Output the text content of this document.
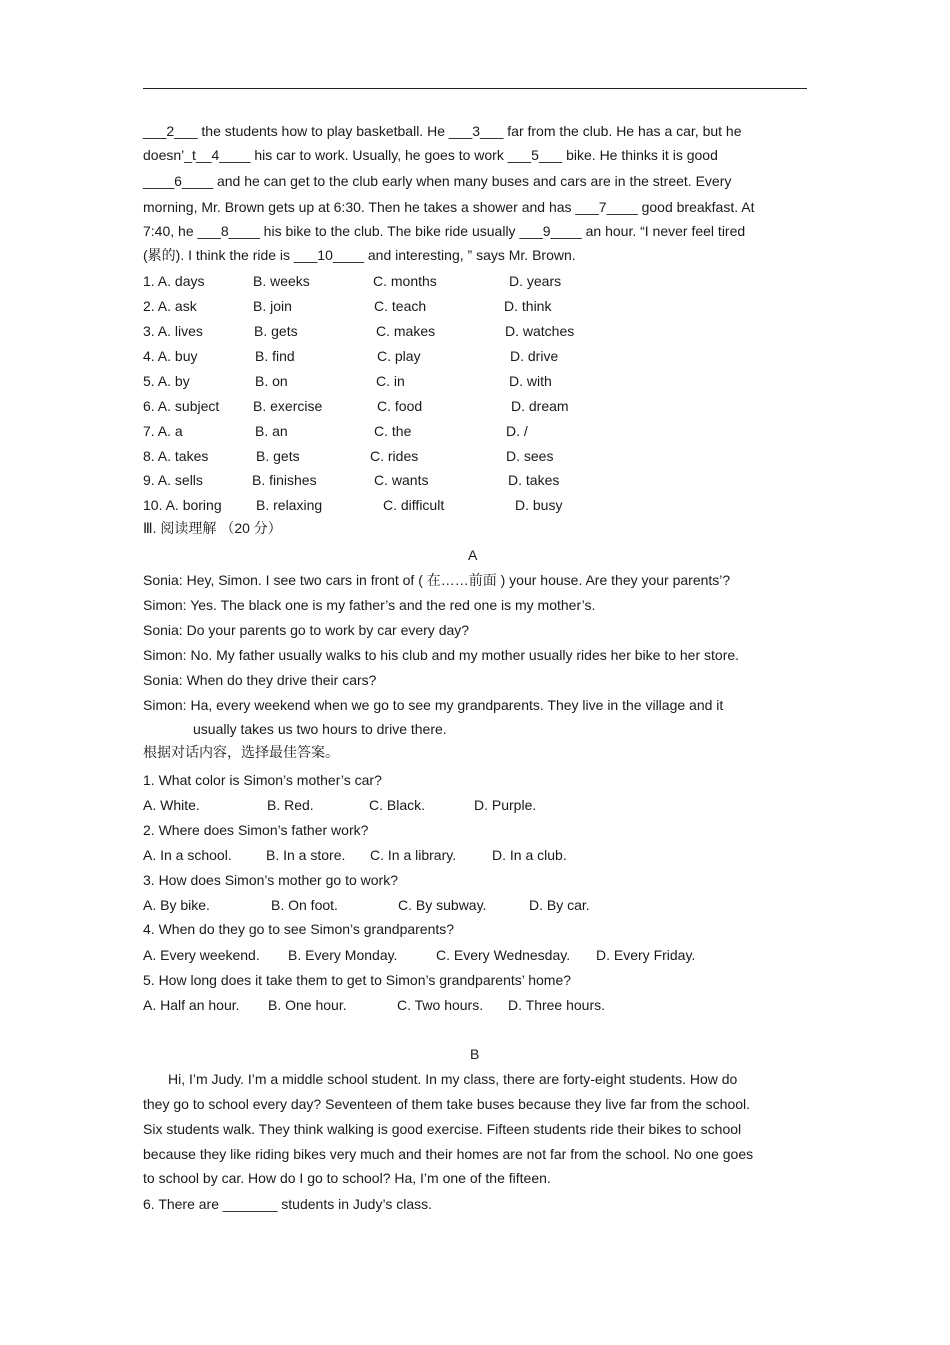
___2___ the students how to play basketball. He ___3___ far from the club. He has a car, but he
doesn’_t__4____ his car to work. Usually, he goes to work ___5___ bike. He thinks it is good
____6____ and he can get to the club early when many buses and cars are in the street. Every
morning, Mr. Brown gets up at 6:30. Then he takes a shower and has ___7____ good breakfast. At
7:40, he ___8____ his bike to the club. The bike ride usually ___9____ an hour. “I never feel tired
(累的). I think the ride is ___10____ and interesting, ” says Mr. Brown.
1. A. days	B. weeks	C. months	D. years
2. A. ask	B. join	C. teach	D. think
3. A. lives	B. gets	C. makes	D. watches
4. A. buy	B. find	C. play	D. drive
5. A. by	B. on	C. in	D. with
6. A. subject B. exercise	C. food	D. dream
7. A. a	B. an	C. the	D. /
8. A. takes	B. gets	C. rides	D. sees
9. A. sells	B. finishes	C. wants	D. takes
10. A. boring B. relaxing	C. difficult	D. busy
Ⅲ. 阅读理解 （20 分）
A
Sonia: Hey, Simon. I see two cars in front of ( 在……前面 ) your house. Are they your parents’?
Simon: Yes. The black one is my father’s and the red one is my mother’s.
Sonia: Do your parents go to work by car every day?
Simon: No. My father usually walks to his club and my mother usually rides her bike to her store.
Sonia: When do they drive their cars?
Simon: Ha, every weekend when we go to see my grandparents. They live in the village and it
usually takes us two hours to drive there.
根据对话内容，选择最佳答案。
1. What color is Simon’s mother’s car?
A. White.	B. Red.	C. Black.	D. Purple.
2. Where does Simon’s father work?
A. In a school. B. In a store. C. In a library.	D. In a club.
3. How does Simon’s mother go to work?
A. By bike.	B. On foot.	C. By subway.	D. By car.
4. When do they go to see Simon’s grandparents?
A. Every weekend. B. Every Monday.	C. Every Wednesday. D. Every Friday.
5. How long does it take them to get to Simon’s grandparents’ home?
A. Half an hour. B. One hour.	C. Two hours. D. Three hours.
B
Hi, I’m Judy. I’m a middle school student. In my class, there are forty-eight students. How do
they go to school every day? Seventeen of them take buses because they live far from the school.
Six students walk. They think walking is good exercise. Fifteen students ride their bikes to school
because they like riding bikes very much and their homes are not far from the school. No one goes
to school by car. How do I go to school? Ha, I’m one of the fifteen.
6. There are _______ students in Judy’s class.
